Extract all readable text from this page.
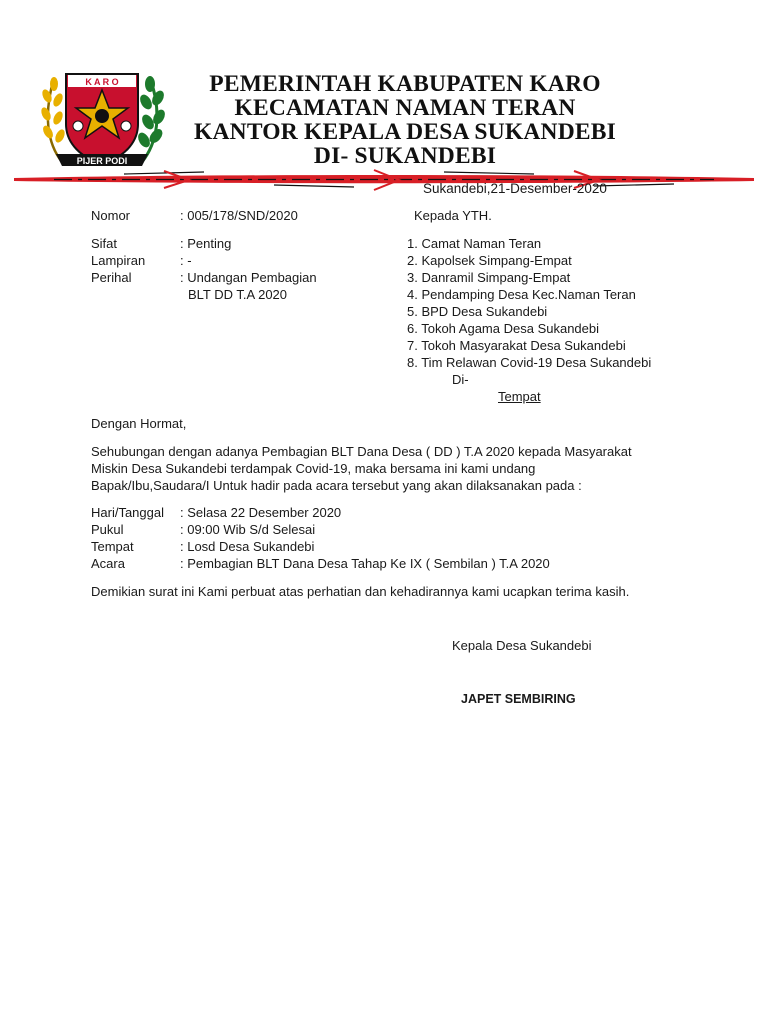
K A R O
PIJER PODI
PEMERINTAH KABUPATEN KARO
KECAMATAN NAMAN TERAN
KANTOR KEPALA DESA SUKANDEBI
DI- SUKANDEBI
Sukandebi,21-Desember-2020
Nomor	: 005/178/SND/2020
Sifat	: Penting
Lampiran	: -
Perihal	: Undangan Pembagian
BLT DD T.A 2020
Kepada YTH.
1. Camat Naman Teran
2. Kapolsek Simpang-Empat
3. Danramil Simpang-Empat
4. Pendamping Desa Kec.Naman Teran
5. BPD Desa Sukandebi
6. Tokoh Agama Desa Sukandebi
7. Tokoh Masyarakat Desa Sukandebi
8. Tim Relawan Covid-19 Desa Sukandebi
Di-
Tempat
Dengan Hormat,
Sehubungan dengan adanya Pembagian BLT Dana Desa ( DD ) T.A 2020 kepada Masyarakat
Miskin Desa Sukandebi terdampak Covid-19, maka bersama ini kami undang
Bapak/Ibu,Saudara/I Untuk hadir pada acara tersebut yang akan dilaksanakan pada :
Hari/Tanggal : Selasa 22 Desember 2020
Pukul	: 09:00 Wib S/d Selesai
Tempat	: Losd Desa Sukandebi
Acara	: Pembagian BLT Dana Desa Tahap Ke IX ( Sembilan ) T.A 2020
Demikian surat ini Kami perbuat atas perhatian dan kehadirannya kami ucapkan terima kasih.
Kepala Desa Sukandebi
JAPET SEMBIRING
